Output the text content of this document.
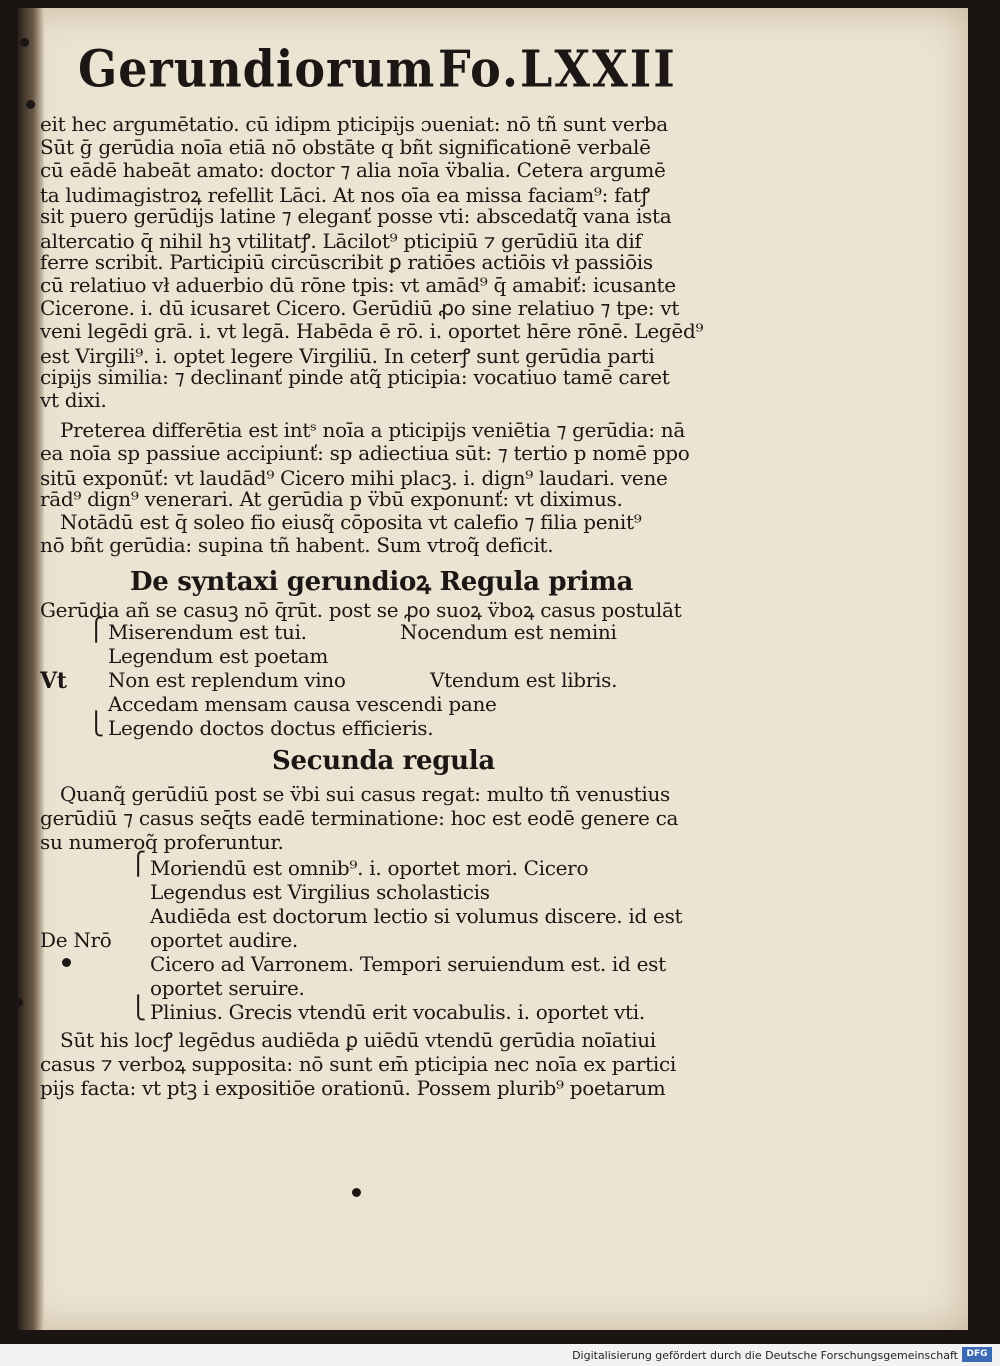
Gerundiorum Fo.LXXII
eit hec argumētatio. cū idipm pticipijs ɔueniat: nō tñ sunt verba
Sūt ḡ gerūdia noīa etiā nō obstāte q bñt significationē verbalē
cū eādē habeāt amato: doctor ⁊ alia noīa v̈balia. Cetera argumē
ta ludimagistroꝝ refellit Lāci. At nos oīa ea missa faciam⁹: fatꝭ
sit puero gerūdijs latine ⁊ eleganť posse vti: abscedatq̃ vana ista
altercatio q̄ nihil hꝫ vtilitatꝭ. Lācilot⁹ pticipiū ⁊ gerūdiū ita dif
ferre scribit. Participiū circūscribit ꝑ ratiōes actiōis vł passiōis
cū relatiuo vł aduerbio dū rōne tpis: vt amād⁹ q̄ amabiť: icusante
Cicerone. i. dū icusaret Cicero. Gerūdiū ꝓo sine relatiuo ⁊ tpe: vt
veni legēdi grā. i. vt legā. Habēda ē rō. i. oportet hēre rōnē. Legēd⁹
est Virgili⁹. i. optet legere Virgiliū. In ceterꝭ sunt gerūdia parti
cipijs similia: ⁊ declinanť pinde atq̃ pticipia: vocatiuo tamē caret
vt dixi.
Preterea differētia est intˢ noīa a pticipijs veniētia ⁊ gerūdia: nā
ea noīa sp passiue accipiunť: sp adiectiua sūt: ⁊ tertio p nomē ppo
sitū exponūť: vt laudād⁹ Cicero mihi placꝫ. i. dign⁹ laudari. vene
rād⁹ dign⁹ venerari. At gerūdia p v̈bū exponunť: vt diximus.
Notādū est q̄ soleo fio eiusq̃ cōposita vt calefio ⁊ filia penit⁹
nō bñt gerūdia: supina tñ habent. Sum vtroq̃ deficit.
De syntaxi gerundioꝝ Regula prima
Gerūdia añ se casuꝫ nō q̄rūt. post se ꝓo suoꝝ v̈boꝝ casus postulāt
⎧ Miserendum est tui.	Nocendum est nemini
Legendum est poetam
Vt Non est replendum vino	Vtendum est libris.
Accedam mensam causa vescendi pane
⎩ Legendo doctos doctus efficieris.
Secunda regula
Quanq̃ gerūdiū post se v̈bi sui casus regat: multo tñ venustius
gerūdiū ⁊ casus seq̄ts eadē terminatione: hoc est eodē genere ca
su numeroq̃ proferuntur.
⎧ Moriendū est omnib⁹. i. oportet mori. Cicero
Legendus est Virgilius scholasticis
Audiēda est doctorum lectio si volumus discere. id est
De Nrō oportet audire.
Cicero ad Varronem. Tempori seruiendum est. id est
oportet seruire.
⎩ Plinius. Grecis vtendū erit vocabulis. i. oportet vti.
Sūt his locꝭ legēdus audiēda ꝑ uiēdū vtendū gerūdia noīatiui
casus ⁊ verboꝝ supposita: nō sunt em̄ pticipia nec noīa ex partici
pijs facta: vt ptꝫ i expositiōe orationū. Possem plurib⁹ poetarum
Digitalisierung gefördert durch die Deutsche Forschungsgemeinschaft DFG
